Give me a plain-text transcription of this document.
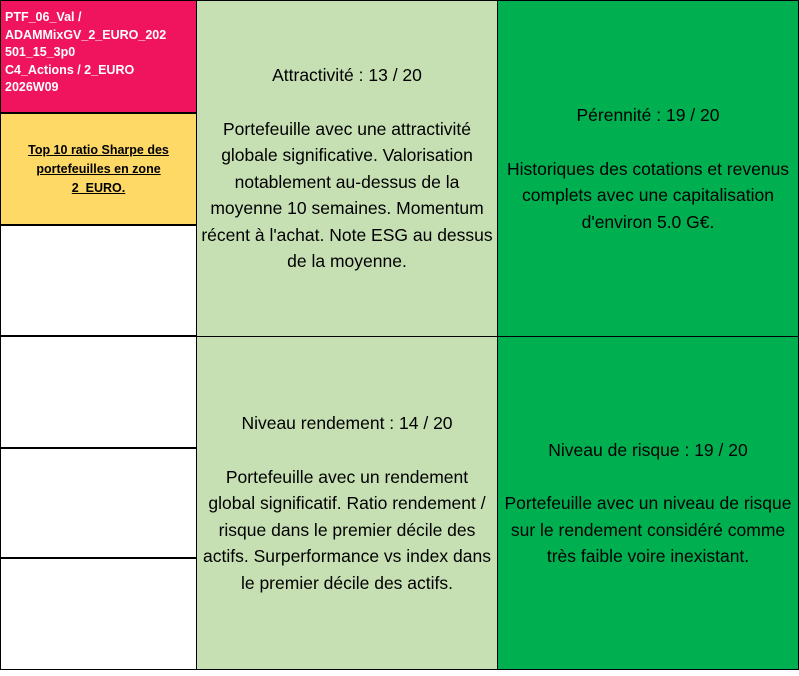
PTF_06_Val /
ADAMMixGV_2_EURO_202
501_15_3p0
C4_Actions / 2_EURO
2026W09
Top 10 ratio Sharpe des portefeuilles en zone 2_EURO.
Attractivité : 13 / 20
Portefeuille avec une attractivité globale significative. Valorisation notablement au-dessus de la moyenne 10 semaines. Momentum récent à l'achat. Note ESG au dessus de la moyenne.
Pérennité : 19 / 20
Historiques des cotations et revenus complets avec une capitalisation d'environ 5.0 G€.
Niveau rendement : 14 / 20
Portefeuille avec un rendement global significatif. Ratio rendement / risque dans le premier décile des actifs. Surperformance vs index dans le premier décile des actifs.
Niveau de risque : 19 / 20
Portefeuille avec un niveau de risque sur le rendement considéré comme très faible voire inexistant.
